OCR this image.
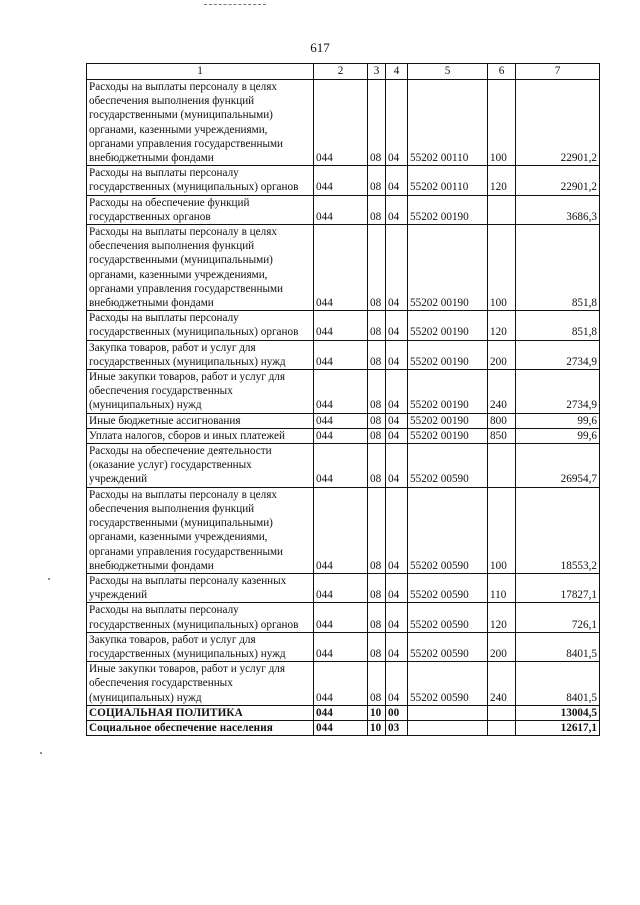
617
1	2	3	4	5	6	7
Расходы на выплаты персоналу в целях обеспечения выполнения функций государственными (муниципальными) органами, казенными учреждениями, органами управления государственными внебюджетными фондами	044	08	04	55202 00110	100	22901,2
Расходы на выплаты персоналу государственных (муниципальных) органов	044	08	04	55202 00110	120	22901,2
Расходы на обеспечение функций государственных органов	044	08	04	55202 00190		3686,3
Расходы на выплаты персоналу в целях обеспечения выполнения функций государственными (муниципальными) органами, казенными учреждениями, органами управления государственными внебюджетными фондами	044	08	04	55202 00190	100	851,8
Расходы на выплаты персоналу государственных (муниципальных) органов	044	08	04	55202 00190	120	851,8
Закупка товаров, работ и услуг для государственных (муниципальных) нужд	044	08	04	55202 00190	200	2734,9
Иные закупки товаров, работ и услуг для обеспечения государственных (муниципальных) нужд	044	08	04	55202 00190	240	2734,9
Иные бюджетные ассигнования	044	08	04	55202 00190	800	99,6
Уплата налогов, сборов и иных платежей	044	08	04	55202 00190	850	99,6
Расходы на обеспечение деятельности (оказание услуг) государственных учреждений	044	08	04	55202 00590		26954,7
Расходы на выплаты персоналу в целях обеспечения выполнения функций государственными (муниципальными) органами, казенными учреждениями, органами управления государственными внебюджетными фондами	044	08	04	55202 00590	100	18553,2
Расходы на выплаты персоналу казенных учреждений	044	08	04	55202 00590	110	17827,1
Расходы на выплаты персоналу государственных (муниципальных) органов	044	08	04	55202 00590	120	726,1
Закупка товаров, работ и услуг для государственных (муниципальных) нужд	044	08	04	55202 00590	200	8401,5
Иные закупки товаров, работ и услуг для обеспечения государственных (муниципальных) нужд	044	08	04	55202 00590	240	8401,5
СОЦИАЛЬНАЯ ПОЛИТИКА	044	10	00			13004,5
Социальное обеспечение населения	044	10	03			12617,1
